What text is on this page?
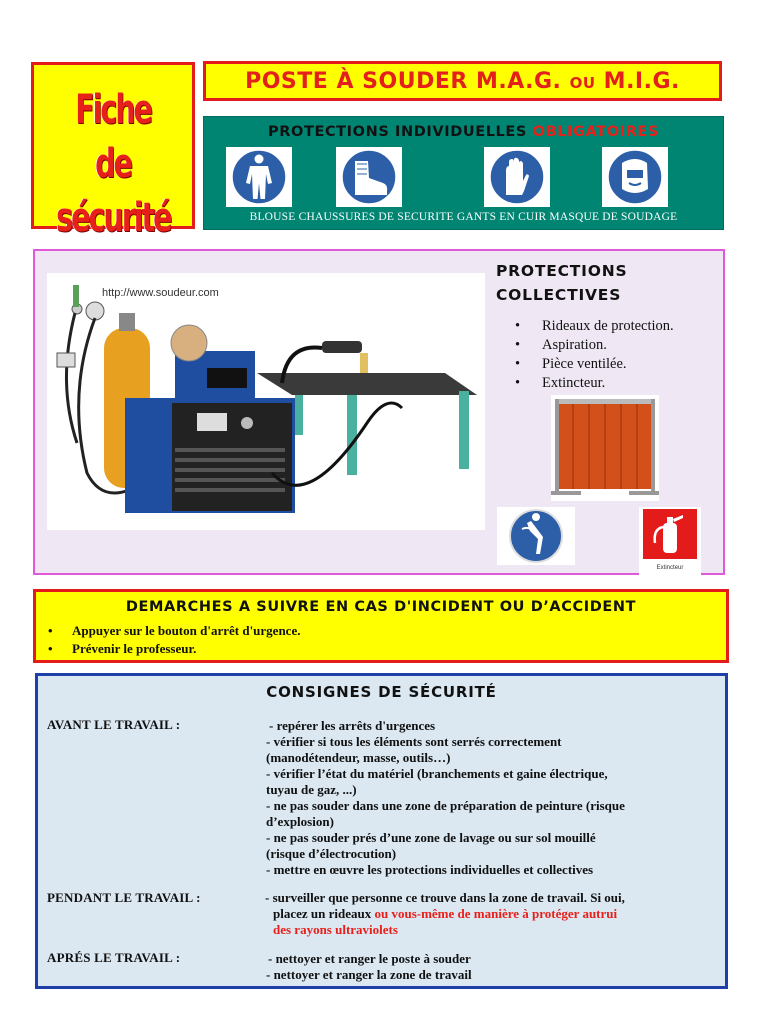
Fiche de
sécurité
POSTE À SOUDER M.A.G. OU M.I.G.
PROTECTIONS INDIVIDUELLES OBLIGATOIRES
BLOUSE CHAUSSURES DE SECURITE GANTS EN CUIR MASQUE DE SOUDAGE
http://www.soudeur.com
PROTECTIONS
COLLECTIVES
• Rideaux de protection.
• Aspiration.
• Pièce ventilée.
• Extincteur.
Extincteur
DEMARCHES A SUIVRE EN CAS D'INCIDENT OU D’ACCIDENT
• Appuyer sur le bouton d'arrêt d'urgence.
• Prévenir le professeur.
CONSIGNES DE SÉCURITÉ
AVANT LE TRAVAIL :	- repérer les arrêts d'urgences
- vérifier si tous les éléments sont serrés correctement
(manodétendeur, masse, outils…)
- vérifier l’état du matériel (branchements et gaine électrique,
tuyau de gaz, ...)
- ne pas souder dans une zone de préparation de peinture (risque
d’explosion)
- ne pas souder prés d’une zone de lavage ou sur sol mouillé
(risque d’électrocution)
- mettre en œuvre les protections individuelles et collectives
PENDANT LE TRAVAIL :	- surveiller que personne ce trouve dans la zone de travail. Si oui,
placez un rideaux ou vous-même de manière à protéger autrui
des rayons ultraviolets
APRÉS LE TRAVAIL :	- nettoyer et ranger le poste à souder
- nettoyer et ranger la zone de travail
